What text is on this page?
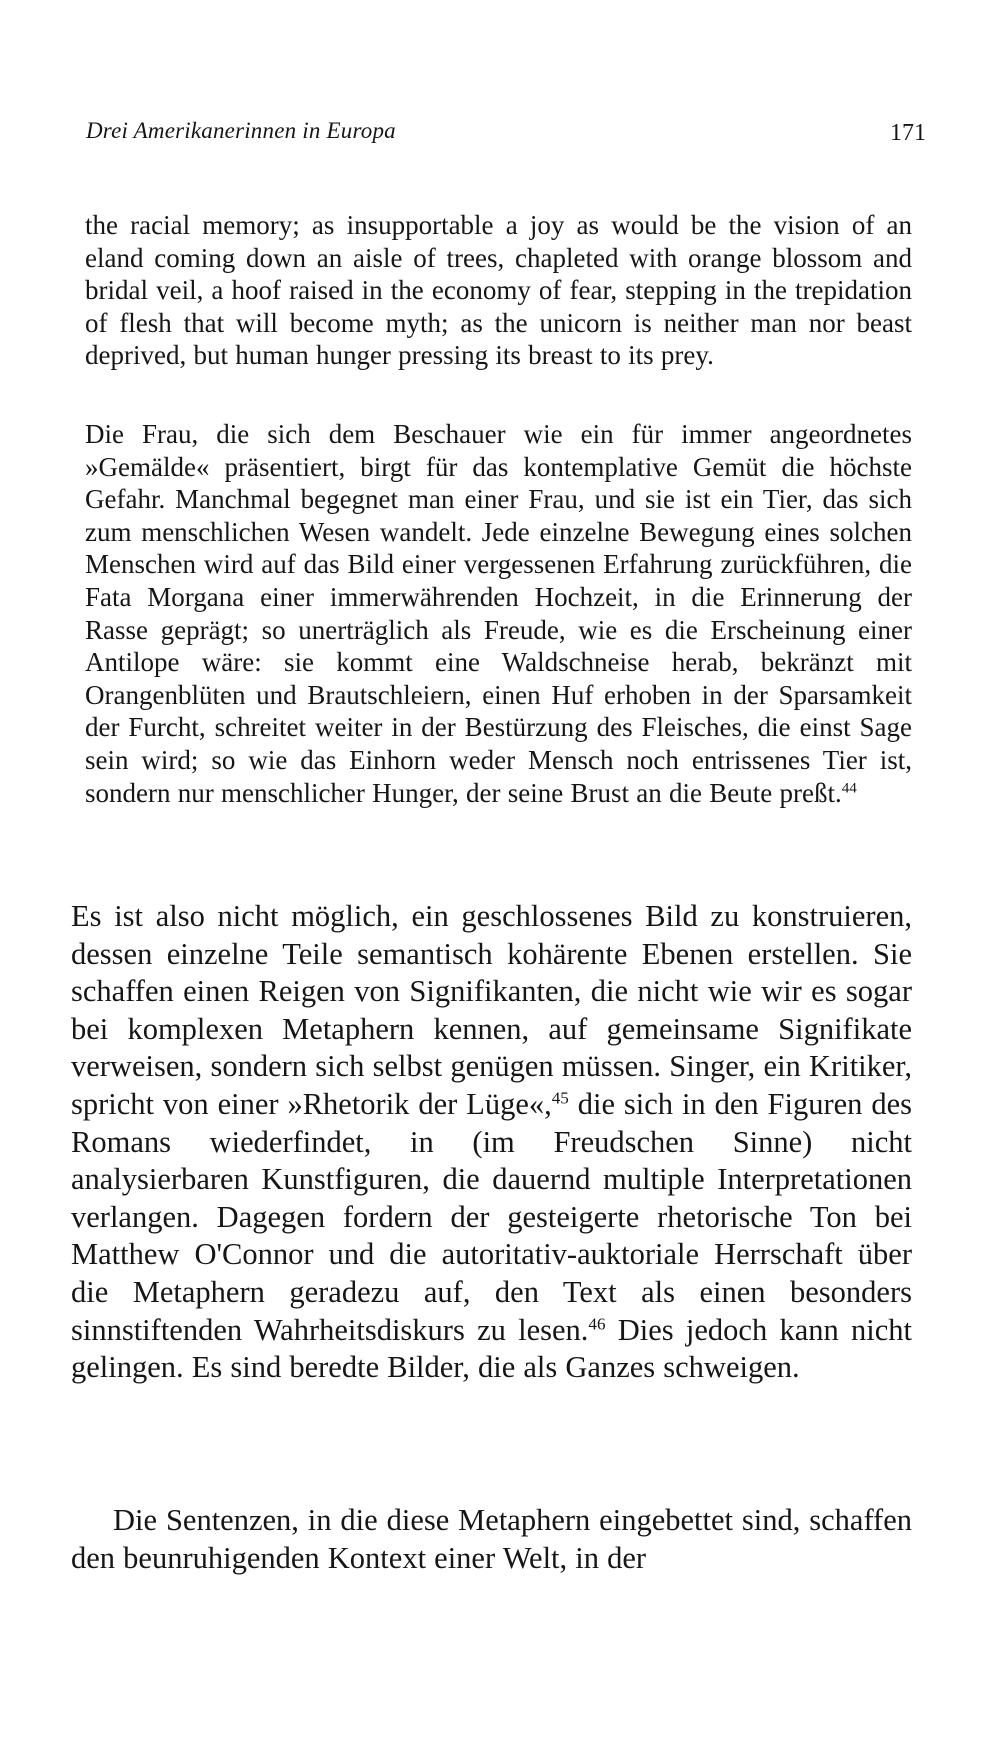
Drei Amerikanerinnen in Europa	171

the racial memory; as insupportable a joy as would be the vision of an eland coming down an aisle of trees, chapleted with orange blossom and bridal veil, a hoof raised in the economy of fear, stepping in the trepidation of flesh that will become myth; as the unicorn is neither man nor beast deprived, but human hunger pressing its breast to its prey.

Die Frau, die sich dem Beschauer wie ein für immer angeordnetes »Gemälde« präsentiert, birgt für das kontemplative Gemüt die höchste Gefahr. Manchmal begegnet man einer Frau, und sie ist ein Tier, das sich zum menschlichen Wesen wandelt. Jede einzelne Bewegung eines solchen Menschen wird auf das Bild einer vergessenen Erfahrung zurückführen, die Fata Morgana einer immerwährenden Hochzeit, in die Erinnerung der Rasse geprägt; so unerträglich als Freude, wie es die Erscheinung einer Antilope wäre: sie kommt eine Waldschneise herab, bekränzt mit Orangenblüten und Brautschleiern, einen Huf erhoben in der Sparsamkeit der Furcht, schreitet weiter in der Bestürzung des Fleisches, die einst Sage sein wird; so wie das Einhorn weder Mensch noch entrissenes Tier ist, sondern nur menschlicher Hunger, der seine Brust an die Beute preßt.$^{44}$

Es ist also nicht möglich, ein geschlossenes Bild zu konstruieren, dessen einzelne Teile semantisch kohärente Ebenen erstellen. Sie schaffen einen Reigen von Signifikanten, die nicht wie wir es sogar bei komplexen Metaphern kennen, auf gemeinsame Signifikate verweisen, sondern sich selbst genügen müssen. Singer, ein Kritiker, spricht von einer »Rhetorik der Lüge«,$^{45}$ die sich in den Figuren des Romans wiederfindet, in (im Freudschen Sinne) nicht analysierbaren Kunstfiguren, die dauernd multiple Interpretationen verlangen. Dagegen fordern der gesteigerte rhetorische Ton bei Matthew O'Connor und die autoritativ-auktoriale Herrschaft über die Metaphern geradezu auf, den Text als einen besonders sinnstiftenden Wahrheitsdiskurs zu lesen.$^{46}$ Dies jedoch kann nicht gelingen. Es sind beredte Bilder, die als Ganzes schweigen.

Die Sentenzen, in die diese Metaphern eingebettet sind, schaffen den beunruhigenden Kontext einer Welt, in der
